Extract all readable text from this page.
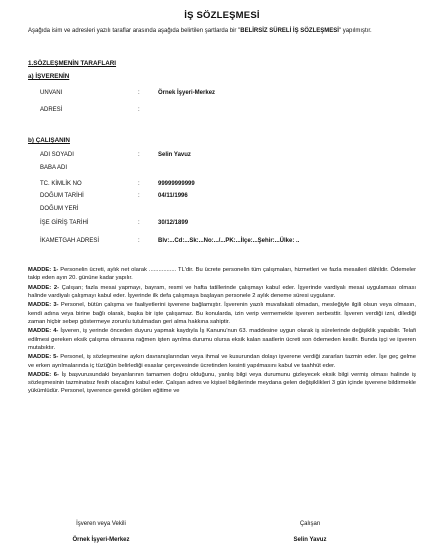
İŞ SÖZLEŞMESİ
Aşağıda isim ve adresleri yazılı taraflar arasında aşağıda belirtilen şartlarda bir "BELİRSİZ SÜRELİ İŞ SÖZLEŞMESİ" yapılmıştır.
1.SÖZLEŞMENİN TARAFLARI
a) İŞVERENİN
UNVANI	:	Örnek İşyeri-Merkez
ADRESİ	:
b) ÇALIŞANIN
ADI SOYADI	:	Selin Yavuz
BABA ADI
TC. KİMLİK NO	:	99999999999
DOĞUM TARİHİ	:	04/11/1996
DOĞUM YERİ
İŞE GİRİŞ TARİHİ	:	30/12/1899
İKAMETGAH ADRESİ	:	Blv:...Cd:...Sk:...No:.../...PK:...İlçe:...Şehir:...Ülke: ..
MADDE: 1- Personelin ücreti, aylık net olarak ................. TL'dir. Bu ücrete personelin tüm çalışmaları, hizmetleri ve fazla mesaileri dâhildir. Ödemeler takip eden ayın 20. gününe kadar yapılır.
MADDE: 2- Çalışan; fazla mesai yapmayı, bayram, resmi ve hafta tatillerinde çalışmayı kabul eder. İşyerinde vardiyalı mesai uygulaması olması halinde vardiyalı çalışmayı kabul eder. İşyerinde ilk defa çalışmaya başlayan personele 2 aylık deneme süresi uygulanır.
MADDE: 3- Personel, bütün çalışma ve faaliyetlerini işverene bağlamıştır. İşverenin yazılı muvafakati olmadan, mesleğiyle ilgili olsun veya olmasın, kendi adına veya birine bağlı olarak, başka bir işte çalışamaz. Bu konularda, izin verip vermemekte işveren serbesttir. İşveren verdiği izni, dilediği zaman hiçbir sebep göstermeye zorunlu tutulmadan geri alma hakkına sahiptir.
MADDE: 4- İşveren, iş yerinde önceden duyuru yapmak kaydıyla İş Kanunu'nun 63. maddesine uygun olarak iş sürelerinde değişiklik yapabilir. Telafi edilmesi gereken eksik çalışma olmasına rağmen işten ayrılma durumu olursa eksik kalan saatlerin ücreti son ödemeden kesilir. Bunda işçi ve işveren mutabıktır.
MADDE: 5- Personel, iş sözleşmesine aykırı davranışlarından veya ihmal ve kusurundan dolayı işverene verdiği zararları tazmin eder. İşe geç gelme ve erken ayrılmalarında iç tüzüğün belirlediği esaslar çerçevesinde ücretinden kesinti yapılmasını kabul ve taahhüt eder.
MADDE: 6- İş başvurusundaki beyanlarının tamamen doğru olduğunu, yanlış bilgi veya durumunu gizleyecek eksik bilgi vermiş olması halinde iş sözleşmesinin tazminatsız fesih olacağını kabul eder. Çalışan adres ve kişisel bilgilerinde meydana gelen değişiklikleri 3 gün içinde işverene bildirmekle yükümlüdür. Personel, işverence gerekli görülen eğitime ve
İşveren veya Vekili
Örnek İşyeri-Merkez
Çalışan
Selin Yavuz
